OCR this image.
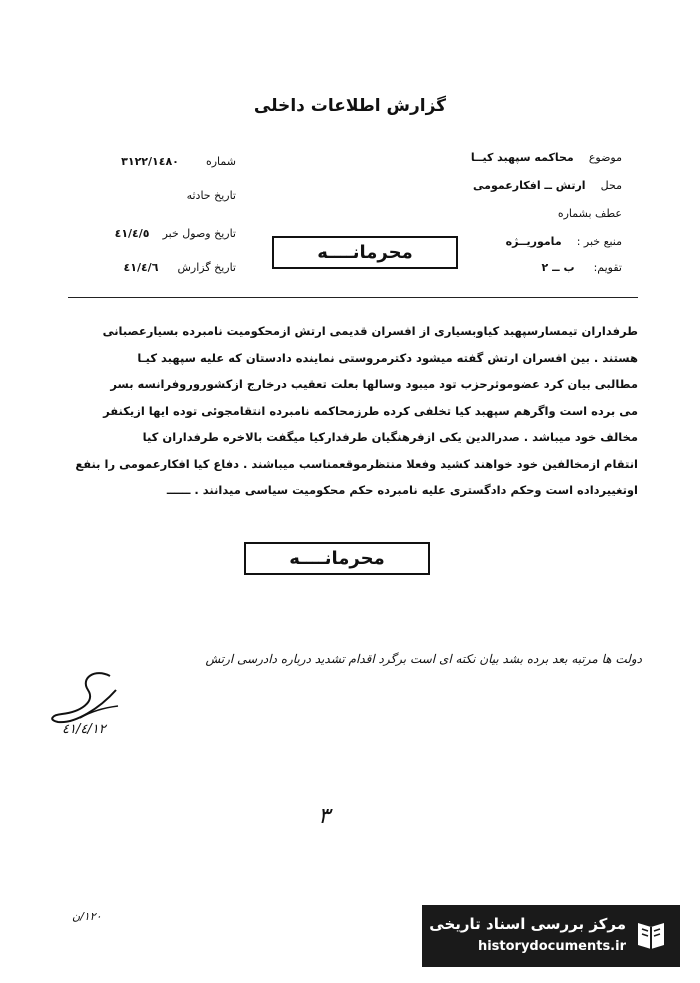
گزارش اطلاعات داخلی
موضوع محاکمه سپهبد کیــا
محل ارتش ــ افکارعمومی
عطف بشماره
منبع خبر : ماموریــژه
تقویم: ب ــ ٢
شماره ٣١٢٢/١٤٨٠
تاریخ حادثه
تاریخ وصول خبر ٤١/٤/٥
تاریخ گزارش ٤١/٤/٦
محرمانــــه
طرفداران تیمسارسپهبد کیاوبسیاری از افسران قدیمی ارتش ازمحکومیت نامبرده بسیارعصبانی
هستند . بین افسران ارتش گفته میشود دکترمروستی نماینده دادستان که علیه سپهبد کیـا
مطالبی بیان کرد عضوموثرحزب تود میبود وسالها بعلت تعقیب درخارج ازکشوروروفرانسه بسر
می برده است واگرهم سپهبد کیا تخلفی کرده طرزمحاکمه نامبرده انتقامجوئی توده ایها ازیکنفر
مخالف خود میباشد . صدرالدین یکی ازفرهنگیان طرفدارکیا میگفت بالاخره طرفداران کیا
انتقام ازمخالفین خود خواهند کشید وفعلا منتظرموقعمناسب میباشند . دفاع کیا افکارعمومی را بنفع
اوتغییرداده است وحکم دادگستری علیه نامبرده حکم محکومیت سیاسی میدانند . ــــــ
محرمانــــه
دولت ها مرتبه بعد برده بشد بیان نکته ای است برگرد اقدام تشدید درباره دادرسی ارتش
٤١/٤/١٢
٣
١٢٠/ن	مرکز بررسی اسناد تاریخی
historydocuments.ir
